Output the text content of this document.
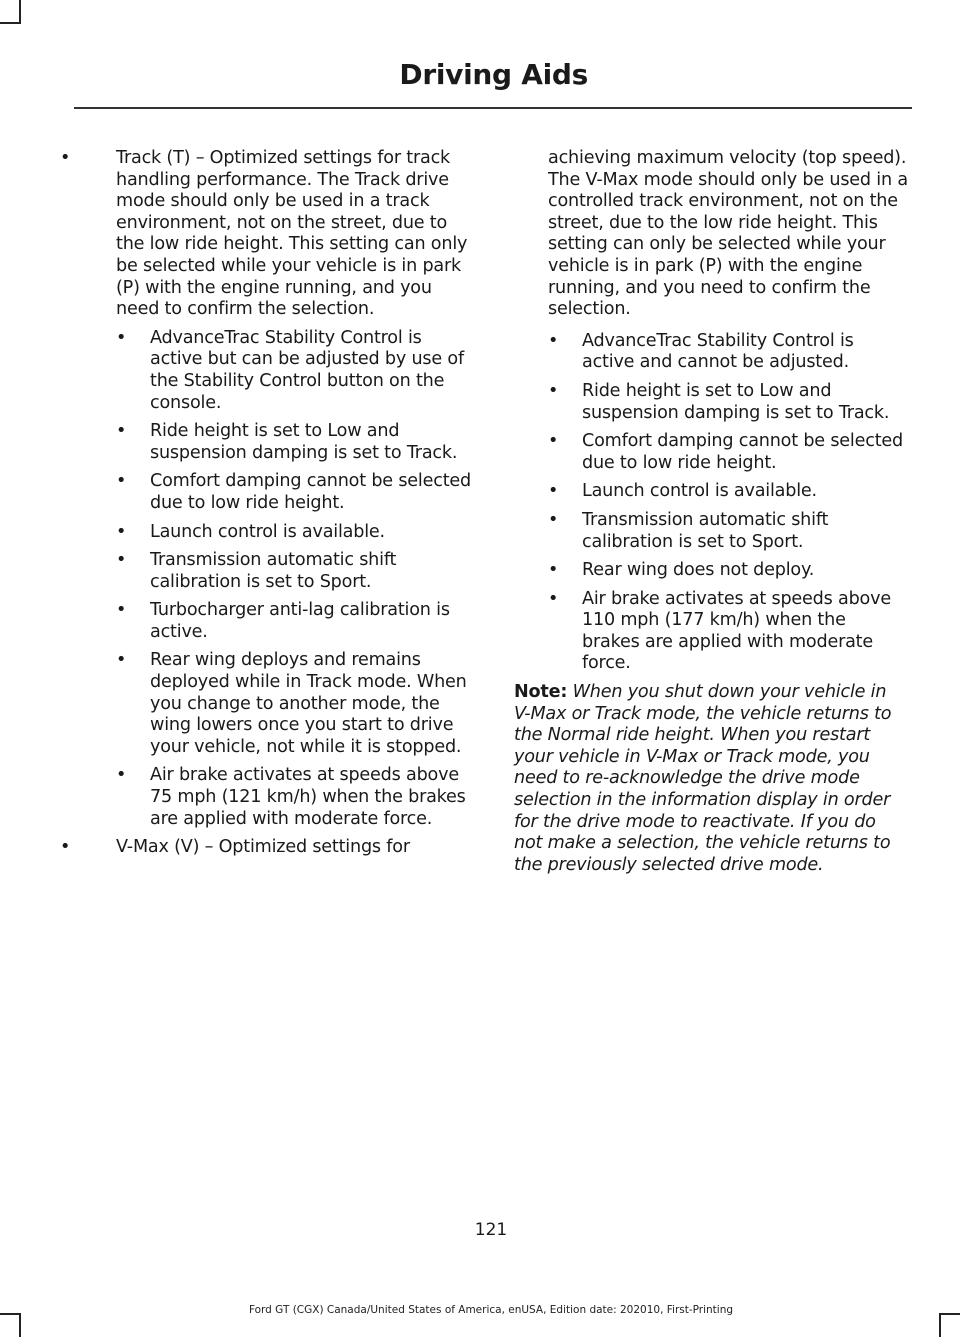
Driving Aids
•	Track (T) – Optimized settings for track handling performance. The Track drive mode should only be used in a track environment, not on the street, due to the low ride height. This setting can only be selected while your vehicle is in park (P) with the engine running, and you need to confirm the selection.
• AdvanceTrac Stability Control is active but can be adjusted by use of the Stability Control button on the console.
• Ride height is set to Low and suspension damping is set to Track.
• Comfort damping cannot be selected due to low ride height.
• Launch control is available.
• Transmission automatic shift calibration is set to Sport.
• Turbocharger anti-lag calibration is active.
• Rear wing deploys and remains deployed while in Track mode. When you change to another mode, the wing lowers once you start to drive your vehicle, not while it is stopped.
• Air brake activates at speeds above 75 mph (121 km/h) when the brakes are applied with moderate force.
•	V-Max (V) – Optimized settings for

achieving maximum velocity (top speed). The V-Max mode should only be used in a controlled track environment, not on the street, due to the low ride height. This setting can only be selected while your vehicle is in park (P) with the engine running, and you need to confirm the selection.

• AdvanceTrac Stability Control is active and cannot be adjusted.
• Ride height is set to Low and suspension damping is set to Track.
• Comfort damping cannot be selected due to low ride height.
• Launch control is available.
• Transmission automatic shift calibration is set to Sport.
• Rear wing does not deploy.
• Air brake activates at speeds above 110 mph (177 km/h) when the brakes are applied with moderate force.

Note: When you shut down your vehicle in V-Max or Track mode, the vehicle returns to the Normal ride height. When you restart your vehicle in V-Max or Track mode, you need to re-acknowledge the drive mode selection in the information display in order for the drive mode to reactivate. If you do not make a selection, the vehicle returns to the previously selected drive mode.

121
Ford GT (CGX) Canada/United States of America, enUSA, Edition date: 202010, First-Printing
